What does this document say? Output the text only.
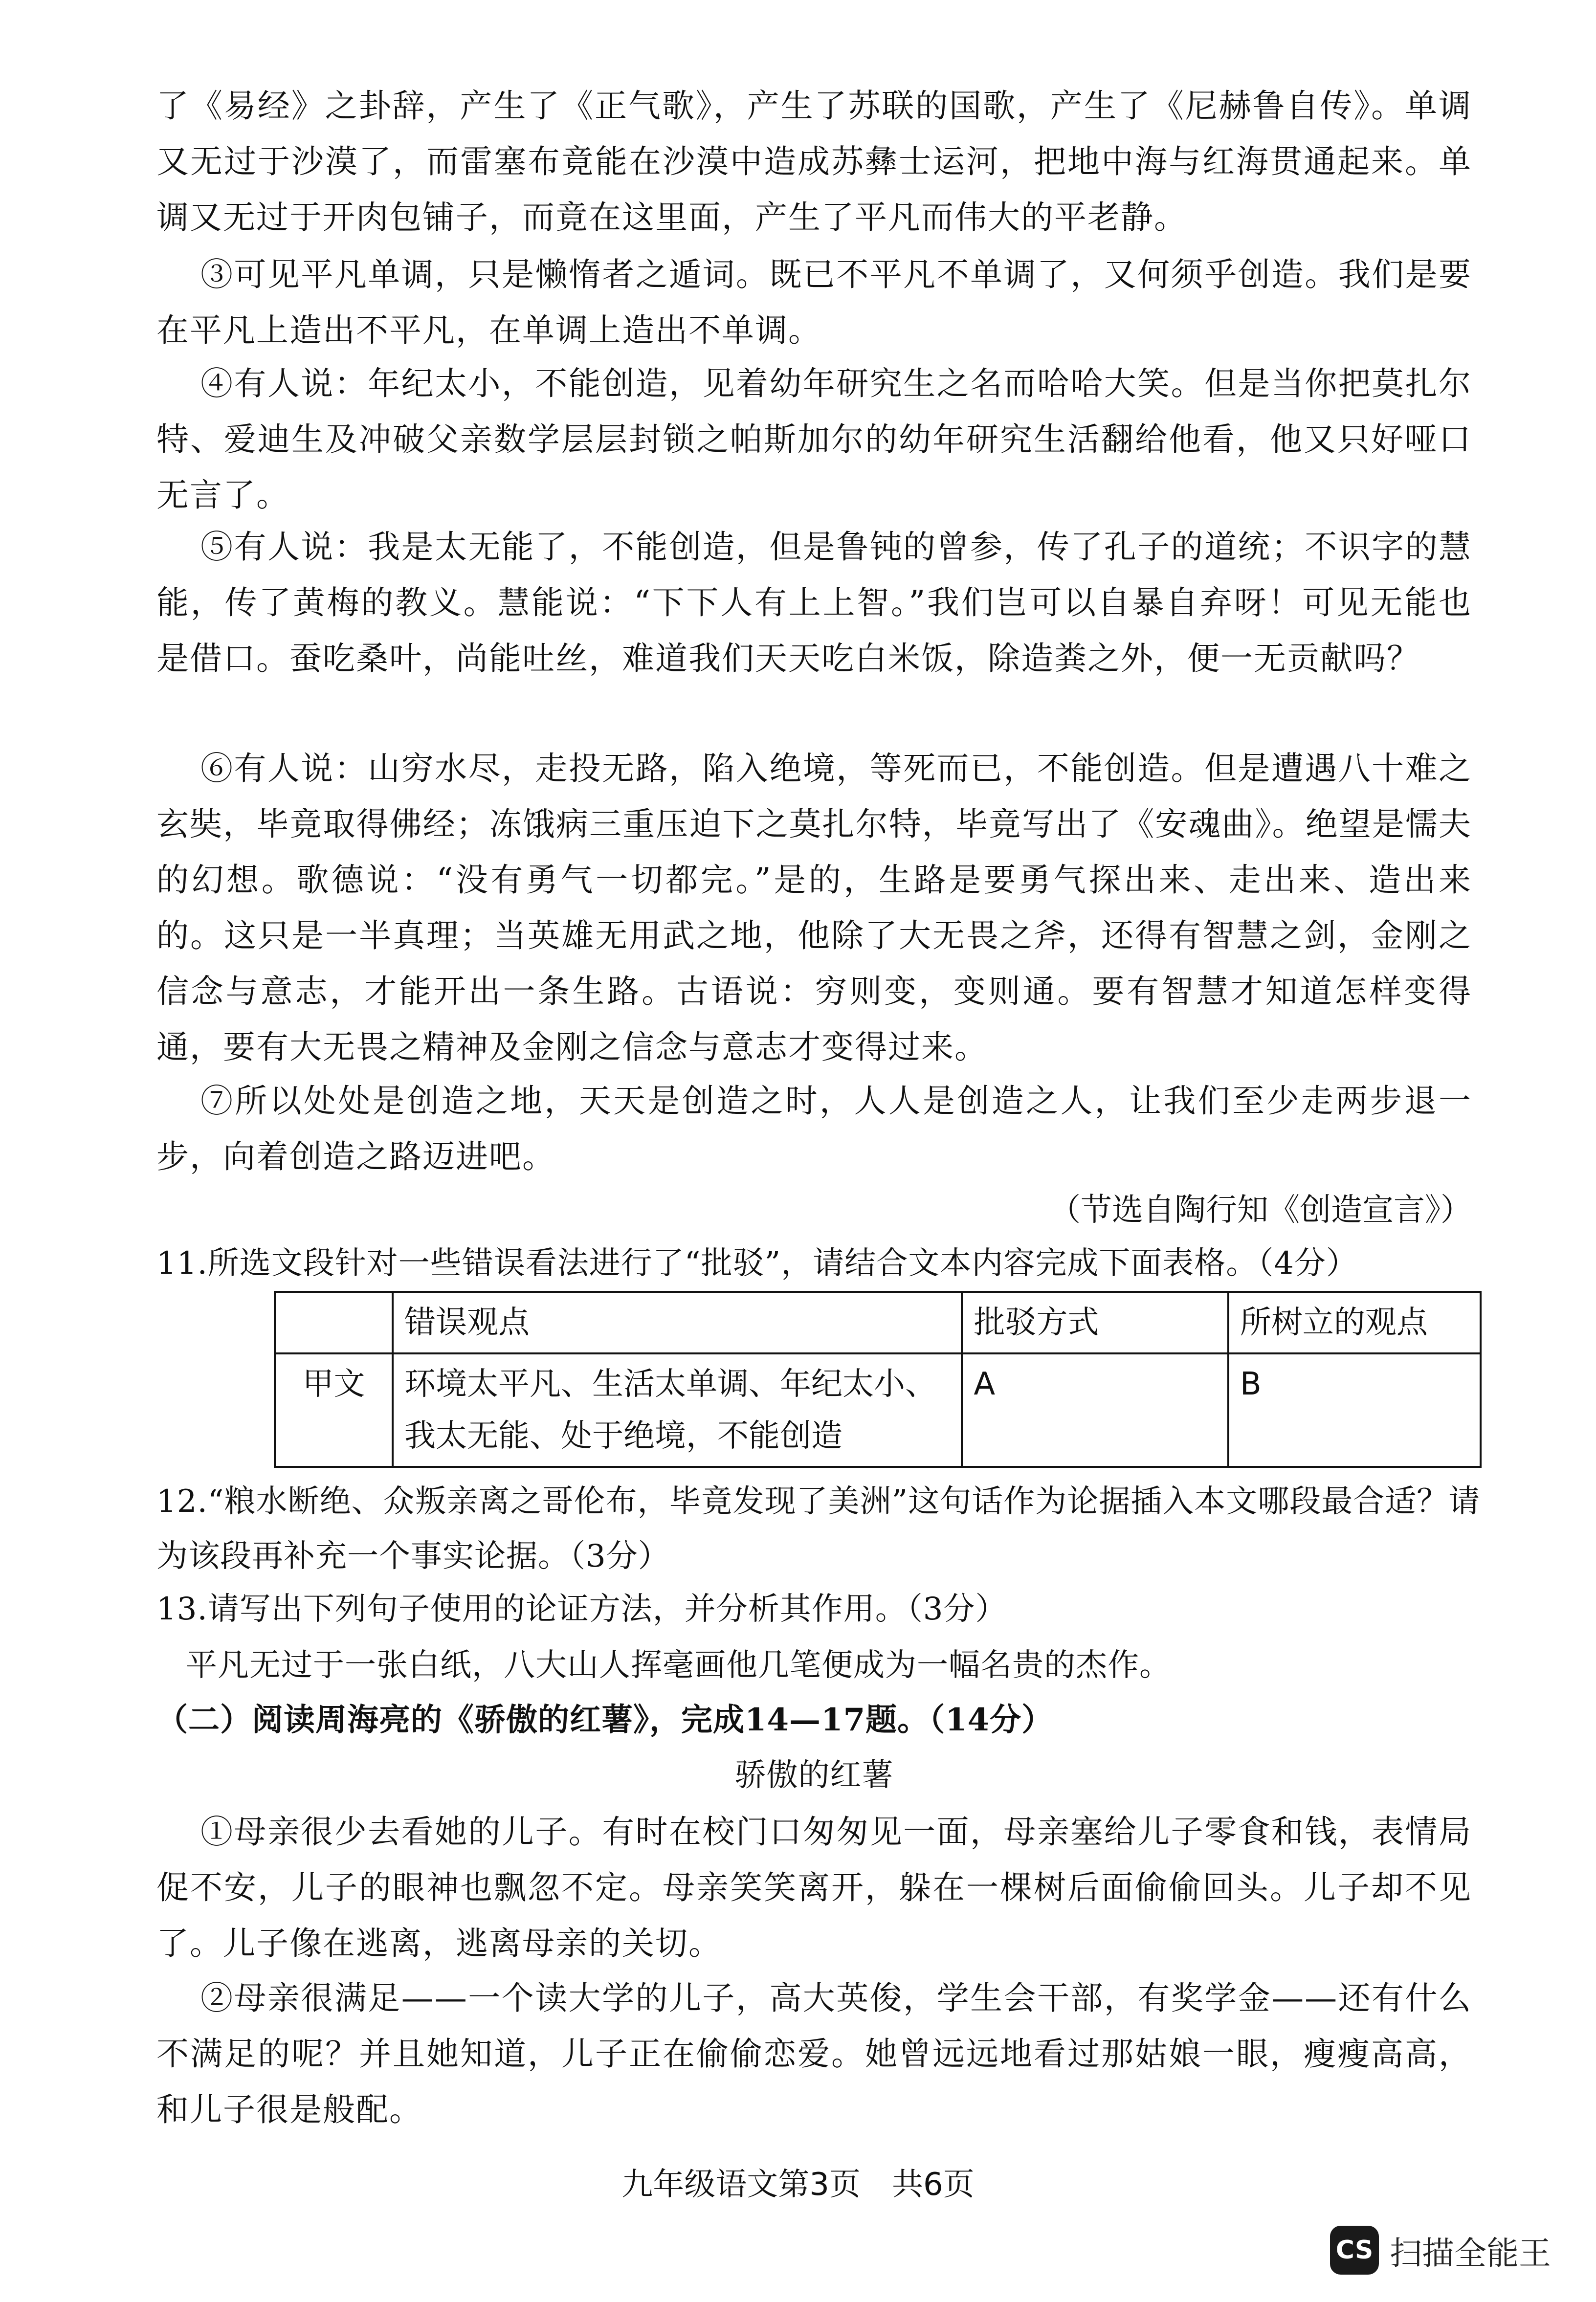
了《易经》之卦辞，产生了《正气歌》，产生了苏联的国歌，产生了《尼赫鲁自传》。单调又无过于沙漠了，而雷塞布竟能在沙漠中造成苏彝士运河，把地中海与红海贯通起来。单调又无过于开肉包铺子，而竟在这里面，产生了平凡而伟大的平老静。
③可见平凡单调，只是懒惰者之遁词。既已不平凡不单调了，又何须乎创造。我们是要在平凡上造出不平凡，在单调上造出不单调。
④有人说：年纪太小，不能创造，见着幼年研究生之名而哈哈大笑。但是当你把莫扎尔特、爱迪生及冲破父亲数学层层封锁之帕斯加尔的幼年研究生活翻给他看，他又只好哑口无言了。
⑤有人说：我是太无能了，不能创造，但是鲁钝的曾参，传了孔子的道统；不识字的慧能，传了黄梅的教义。慧能说：“下下人有上上智。”我们岂可以自暴自弃呀！可见无能也是借口。蚕吃桑叶，尚能吐丝，难道我们天天吃白米饭，除造粪之外，便一无贡献吗？
⑥有人说：山穷水尽，走投无路，陷入绝境，等死而已，不能创造。但是遭遇八十难之玄奘，毕竟取得佛经；冻饿病三重压迫下之莫扎尔特，毕竟写出了《安魂曲》。绝望是懦夫的幻想。歌德说：“没有勇气一切都完。”是的，生路是要勇气探出来、走出来、造出来的。这只是一半真理；当英雄无用武之地，他除了大无畏之斧，还得有智慧之剑，金刚之信念与意志，才能开出一条生路。古语说：穷则变，变则通。要有智慧才知道怎样变得通，要有大无畏之精神及金刚之信念与意志才变得过来。
⑦所以处处是创造之地，天天是创造之时，人人是创造之人，让我们至少走两步退一步，向着创造之路迈进吧。
（节选自陶行知《创造宣言》）
11.所选文段针对一些错误看法进行了“批驳”，请结合文本内容完成下面表格。（4分）
	错误观点	批驳方式	所树立的观点
甲文	环境太平凡、生活太单调、年纪太小、我太无能、处于绝境，不能创造	A	B
12.“粮水断绝、众叛亲离之哥伦布，毕竟发现了美洲”这句话作为论据插入本文哪段最合适？请为该段再补充一个事实论据。（3分）
13.请写出下列句子使用的论证方法，并分析其作用。（3分）
平凡无过于一张白纸，八大山人挥毫画他几笔便成为一幅名贵的杰作。
（二）阅读周海亮的《骄傲的红薯》，完成14—17题。（14分）
骄傲的红薯
①母亲很少去看她的儿子。有时在校门口匆匆见一面，母亲塞给儿子零食和钱，表情局促不安，儿子的眼神也飘忽不定。母亲笑笑离开，躲在一棵树后面偷偷回头。儿子却不见了。儿子像在逃离，逃离母亲的关切。
②母亲很满足——一个读大学的儿子，高大英俊，学生会干部，有奖学金——还有什么不满足的呢？并且她知道，儿子正在偷偷恋爱。她曾远远地看过那姑娘一眼，瘦瘦高高，和儿子很是般配。
九年级语文第3页　共6页
CS 扫描全能王
